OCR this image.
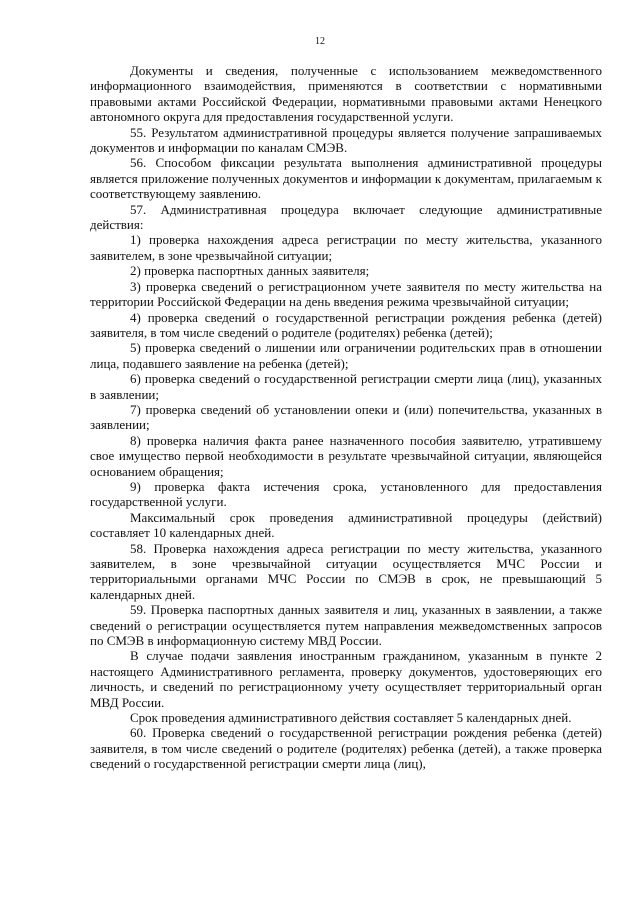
12

Документы и сведения, полученные с использованием межведомственного информационного взаимодействия, применяются в соответствии с нормативными правовыми актами Российской Федерации, нормативными правовыми актами Ненецкого автономного округа для предоставления государственной услуги.

55. Результатом административной процедуры является получение запрашиваемых документов и информации по каналам СМЭВ.

56. Способом фиксации результата выполнения административной процедуры является приложение полученных документов и информации к документам, прилагаемым к соответствующему заявлению.

57. Административная процедура включает следующие административные действия:

1) проверка нахождения адреса регистрации по месту жительства, указанного заявителем, в зоне чрезвычайной ситуации;

2) проверка паспортных данных заявителя;

3) проверка сведений о регистрационном учете заявителя по месту жительства на территории Российской Федерации на день введения режима чрезвычайной ситуации;

4) проверка сведений о государственной регистрации рождения ребенка (детей) заявителя, в том числе сведений о родителе (родителях) ребенка (детей);

5) проверка сведений о лишении или ограничении родительских прав в отношении лица, подавшего заявление на ребенка (детей);

6) проверка сведений о государственной регистрации смерти лица (лиц), указанных в заявлении;

7) проверка сведений об установлении опеки и (или) попечительства, указанных в заявлении;

8) проверка наличия факта ранее назначенного пособия заявителю, утратившему свое имущество первой необходимости в результате чрезвычайной ситуации, являющейся основанием обращения;

9) проверка факта истечения срока, установленного для предоставления государственной услуги.

Максимальный срок проведения административной процедуры (действий) составляет 10 календарных дней.

58. Проверка нахождения адреса регистрации по месту жительства, указанного заявителем, в зоне чрезвычайной ситуации осуществляется МЧС России и территориальными органами МЧС России по СМЭВ в срок, не превышающий 5 календарных дней.

59. Проверка паспортных данных заявителя и лиц, указанных в заявлении, а также сведений о регистрации осуществляется путем направления межведомственных запросов по СМЭВ в информационную систему МВД России.

В случае подачи заявления иностранным гражданином, указанным в пункте 2 настоящего Административного регламента, проверку документов, удостоверяющих его личность, и сведений по регистрационному учету осуществляет территориальный орган МВД России.

Срок проведения административного действия составляет 5 календарных дней.

60. Проверка сведений о государственной регистрации рождения ребенка (детей) заявителя, в том числе сведений о родителе (родителях) ребенка (детей), а также проверка сведений о государственной регистрации смерти лица (лиц),
